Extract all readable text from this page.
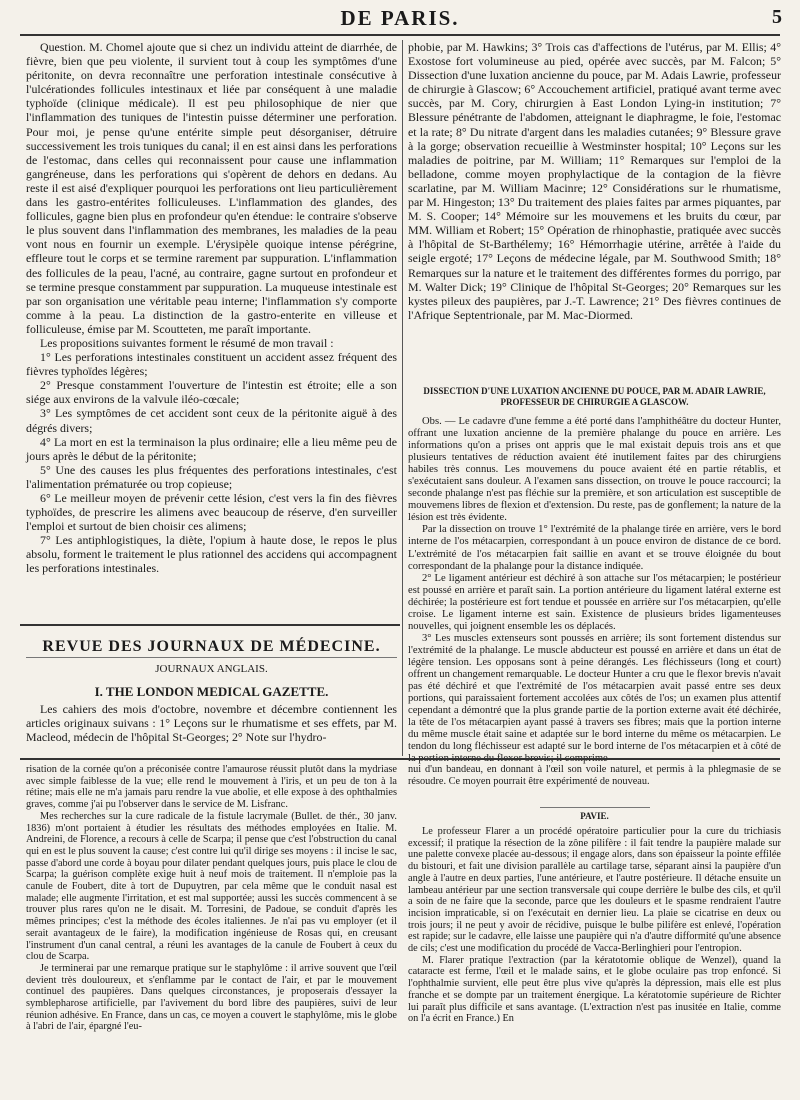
DE PARIS.	5

Question. M. Chomel ajoute que si chez un individu atteint de diarrhée, de fièvre, bien que peu violente, il survient tout à coup les symptômes d'une péritonite, on devra reconnaître une perforation intestinale consécutive à l'ulcérationdes follicules intestinaux et liée par conséquent à une maladie typhoïde (clinique médicale). Il est peu philosophique de nier que l'inflammation des tuniques de l'intestin puisse déterminer une perforation. Pour moi, je pense qu'une entérite simple peut désorganiser, détruire successivement les trois tuniques du canal; il en est ainsi dans les perforations de l'estomac, dans celles qui reconnaissent pour cause une inflammation gangréneuse, dans les perforations qui s'opèrent de dehors en dedans. Au reste il est aisé d'expliquer pourquoi les perforations ont lieu particulièrement dans les gastro-entérites folliculeuses. L'inflammation des glandes, des follicules, gagne bien plus en profondeur qu'en étendue: le contraire s'observe le plus souvent dans l'inflammation des membranes, les maladies de la peau vont nous en fournir un exemple. L'érysipèle quoique intense pérégrine, effleure tout le corps et se termine rarement par suppuration. L'inflammation des follicules de la peau, l'acné, au contraire, gagne surtout en profondeur et se termine presque constamment par suppuration. La muqueuse intestinale est par son organisation une véritable peau interne; l'inflammation s'y comporte comme à la peau. La distinction de la gastro-enterite en villeuse et folliculeuse, émise par M. Scoutteten, me paraît importante.

Les propositions suivantes forment le résumé de mon travail :

1° Les perforations intestinales constituent un accident assez fréquent des fièvres typhoïdes légères;

2° Presque constamment l'ouverture de l'intestin est étroite; elle a son siége aux environs de la valvule iléo-cœcale;

3° Les symptômes de cet accident sont ceux de la péritonite aiguë à des dégrés divers;

4° La mort en est la terminaison la plus ordinaire; elle a lieu même peu de jours après le début de la péritonite;

5° Une des causes les plus fréquentes des perforations intestinales, c'est l'alimentation prématurée ou trop copieuse;

6° Le meilleur moyen de prévenir cette lésion, c'est vers la fin des fièvres typhoïdes, de prescrire les alimens avec beaucoup de réserve, d'en surveiller l'emploi et surtout de bien choisir ces alimens;

7° Les antiphlogistiques, la diète, l'opium à haute dose, le repos le plus absolu, forment le traitement le plus rationnel des accidens qui accompagnent les perforations intestinales.

REVUE DES JOURNAUX DE MÉDECINE.
JOURNAUX ANGLAIS.
I. THE LONDON MEDICAL GAZETTE.

Les cahiers des mois d'octobre, novembre et décembre contiennent les articles originaux suivans : 1° Leçons sur le rhumatisme et ses effets, par M. Macleod, médecin de l'hôpital St-Georges; 2° Note sur l'hydro-

phobie, par M. Hawkins; 3° Trois cas d'affections de l'utérus, par M. Ellis; 4° Exostose fort volumineuse au pied, opérée avec succès, par M. Falcon; 5° Dissection d'une luxation ancienne du pouce, par M. Adais Lawrie, professeur de chirurgie à Glascow; 6° Accouchement artificiel, pratiqué avant terme avec succès, par M. Cory, chirurgien à East London Lying-in institution; 7° Blessure pénétrante de l'abdomen, atteignant le diaphragme, le foie, l'estomac et la rate; 8° Du nitrate d'argent dans les maladies cutanées; 9° Blessure grave à la gorge; observation recueillie à Westminster hospital; 10° Leçons sur les maladies de poitrine, par M. William; 11° Remarques sur l'emploi de la belladone, comme moyen prophylactique de la contagion de la fièvre scarlatine, par M. William Macinre; 12° Considérations sur le rhumatisme, par M. Hingeston; 13° Du traitement des plaies faites par armes piquantes, par M. S. Cooper; 14° Mémoire sur les mouvemens et les bruits du cœur, par MM. William et Robert; 15° Opération de rhinophastie, pratiquée avec succès à l'hôpital de St-Barthélemy; 16° Hémorrhagie utérine, arrêtée à l'aide du seigle ergoté; 17° Leçons de médecine légale, par M. Southwood Smith; 18° Remarques sur la nature et le traitement des différentes formes du porrigo, par M. Walter Dick; 19° Clinique de l'hôpital St-Georges; 20° Remarques sur les kystes pileux des paupières, par J.-T. Lawrence; 21° Des fièvres continues de l'Afrique Septentrionale, par M. Mac-Diormed.

DISSECTION D'UNE LUXATION ANCIENNE DU POUCE, PAR M. ADAIR LAWRIE, PROFESSEUR DE CHIRURGIE A GLASCOW.

Obs. — Le cadavre d'une femme a été porté dans l'amphithéâtre du docteur Hunter, offrant une luxation ancienne de la première phalange du pouce en arrière. Les informations qu'on a prises ont appris que le mal existait depuis trois ans et que plusieurs tentatives de réduction avaient été inutilement faites par des chirurgiens habiles très connus. Les mouvemens du pouce avaient été en partie rétablis, et s'exécutaient sans douleur. A l'examen sans dissection, on trouve le pouce raccourci; la seconde phalange n'est pas fléchie sur la première, et son articulation est susceptible de mouvemens libres de flexion et d'extension. Du reste, pas de gonflement; la nature de la lésion est très évidente.

Par la dissection on trouve 1° l'extrémité de la phalange tirée en arrière, vers le bord interne de l'os métacarpien, correspondant à un pouce environ de distance de ce bord. L'extrémité de l'os métacarpien fait saillie en avant et se trouve éloignée du bout correspondant de la phalange pour la distance indiquée.

2° Le ligament antérieur est déchiré à son attache sur l'os métacarpien; le postérieur est poussé en arrière et paraît sain. La portion antérieure du ligament latéral externe est déchirée; la postérieure est fort tendue et poussée en arrière sur l'os métacarpien, qu'elle croise. Le ligament interne est sain. Existence de plusieurs brides ligamenteuses nouvelles, qui joignent ensemble les os déplacés.

3° Les muscles extenseurs sont poussés en arrière; ils sont fortement distendus sur l'extrémité de la phalange. Le muscle abducteur est poussé en arrière et dans un état de légère tension. Les opposans sont à peine dérangés. Les fléchisseurs (long et court) offrent un changement remarquable. Le docteur Hunter a cru que le flexor brevis n'avait pas été déchiré et que l'extrémité de l'os métacarpien avait passé entre ses deux portions, qui paraissaient fortement accolées aux côtés de l'os; un examen plus attentif cependant a démontré que la plus grande partie de la portion externe avait été déchirée, la tête de l'os métacarpien ayant passé à travers ses fibres; mais que la portion interne du même muscle était saine et adaptée sur le bord interne du même os métacarpien. Le tendon du long fléchisseur est adapté sur le bord interne de l'os métacarpien et à côté de la portion interne du flexor brevis; il comprime

risation de la cornée qu'on a préconisée contre l'amaurose réussit plutôt dans la mydriase avec simple faiblesse de la vue; elle rend le mouvement à l'iris, et un peu de ton à la rétine; mais elle ne m'a jamais paru rendre la vue abolie, et elle expose à des ophthalmies graves, comme j'ai pu l'observer dans le service de M. Lisfranc.

Mes recherches sur la cure radicale de la fistule lacrymale (Bullet. de thér., 30 janv. 1836) m'ont portaient à étudier les résultats des méthodes employées en Italie. M. Andreini, de Florence, a recours à celle de Scarpa; il pense que c'est l'obstruction du canal qui en est le plus souvent la cause; c'est contre lui qu'il dirige ses moyens : il incise le sac, passe d'abord une corde à boyau pour dilater pendant quelques jours, puis place le clou de Scarpa; la guérison complète exige huit à neuf mois de traitement. Il n'emploie pas la canule de Foubert, dite à tort de Dupuytren, par cela même que le conduit nasal est malade; elle augmente l'irritation, et est mal supportée; aussi les succès commencent à se trouver plus rares qu'on ne le disait. M. Torresini, de Padoue, se conduit d'après les mêmes principes; c'est la méthode des écoles italiennes. Je n'ai pas vu employer (et il serait avantageux de le faire), la modification ingénieuse de Rosas qui, en creusant l'instrument d'un canal central, a réuni les avantages de la canule de Foubert à ceux du clou de Scarpa.

Je terminerai par une remarque pratique sur le staphylôme : il arrive souvent que l'œil devient très douloureux, et s'enflamme par le contact de l'air, et par le mouvement continuel des paupières. Dans quelques circonstances, je proposerais d'essayer la symblepharose artificielle, par l'avivement du bord libre des paupières, suivi de leur réunion adhésive. En France, dans un cas, ce moyen a couvert le staphylôme, mis le globe à l'abri de l'air, épargné l'eu-

nui d'un bandeau, en donnant à l'œil son voile naturel, et permis à la phlegmasie de se résoudre. Ce moyen pourrait être expérimenté de nouveau.

PAVIE.

Le professeur Flarer a un procédé opératoire particulier pour la cure du trichiasis excessif; il pratique la résection de la zône pilifère : il fait tendre la paupière malade sur une palette convexe placée au-dessous; il engage alors, dans son épaisseur la pointe effilée du bistouri, et fait une division parallèle au cartilage tarse, séparant ainsi la paupière d'un angle à l'autre en deux parties, l'une antérieure, et l'autre postérieure. Il détache ensuite un lambeau antérieur par une section transversale qui coupe derrière le bulbe des cils, et qu'il a soin de ne faire que la seconde, parce que les douleurs et le spasme rendraient l'autre incision impraticable, si on l'exécutait en dernier lieu. La plaie se cicatrise en deux ou trois jours; il ne peut y avoir de récidive, puisque le bulbe pilifère est enlevé, l'opération est rapide; sur le cadavre, elle laisse une paupière qui n'a d'autre difformité qu'une absence de cils; c'est une modification du procédé de Vacca-Berlinghieri pour l'entropion.

M. Flarer pratique l'extraction (par la kératotomie oblique de Wenzel), quand la cataracte est ferme, l'œil et le malade sains, et le globe oculaire pas trop enfoncé. Si l'ophthalmie survient, elle peut être plus vive qu'après la dépression, mais elle est plus franche et se dompte par un traitement énergique. La kératotomie supérieure de Richter lui paraît plus difficile et sans avantage. (L'extraction n'est pas inusitée en Italie, comme on l'a écrit en France.) En
